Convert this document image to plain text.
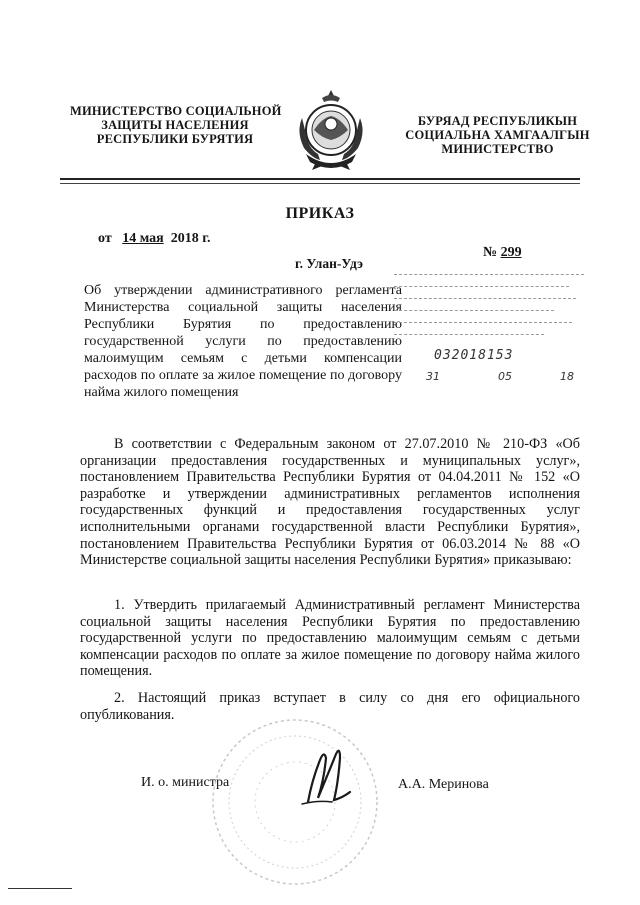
МИНИСТЕРСТВО СОЦИАЛЬНОЙ
ЗАЩИТЫ НАСЕЛЕНИЯ
РЕСПУБЛИКИ БУРЯТИЯ
БУРЯАД РЕСПУБЛИКЫН
СОЦИАЛЬНА ХАМГААЛГЫН
МИНИСТЕРСТВО
ПРИКАЗ
от 14 мая 2018 г.
№ 299
г. Улан-Удэ
Об утверждении административного регламента Министерства социальной защиты населения Республики Бурятия по предоставлению государственной услуги по предоставлению малоимущим семьям с детьми компенсации расходов по оплате за жилое помещение по договору найма жилого помещения
032018153
31	05	18
В соответствии с Федеральным законом от 27.07.2010 № 210-ФЗ «Об организации предоставления государственных и муниципальных услуг», постановлением Правительства Республики Бурятия от 04.04.2011 № 152 «О разработке и утверждении административных регламентов исполнения государственных функций и предоставления государственных услуг исполнительными органами государственной власти Республики Бурятия», постановлением Правительства Республики Бурятия от 06.03.2014 № 88 «О Министерстве социальной защиты населения Республики Бурятия» приказываю:
1. Утвердить прилагаемый Административный регламент Министерства социальной защиты населения Республики Бурятия по предоставлению государственной услуги по предоставлению малоимущим семьям с детьми компенсации расходов по оплате за жилое помещение по договору найма жилого помещения.
2. Настоящий приказ вступает в силу со дня его официального опубликования.
И. о. министра	А.А. Меринова
